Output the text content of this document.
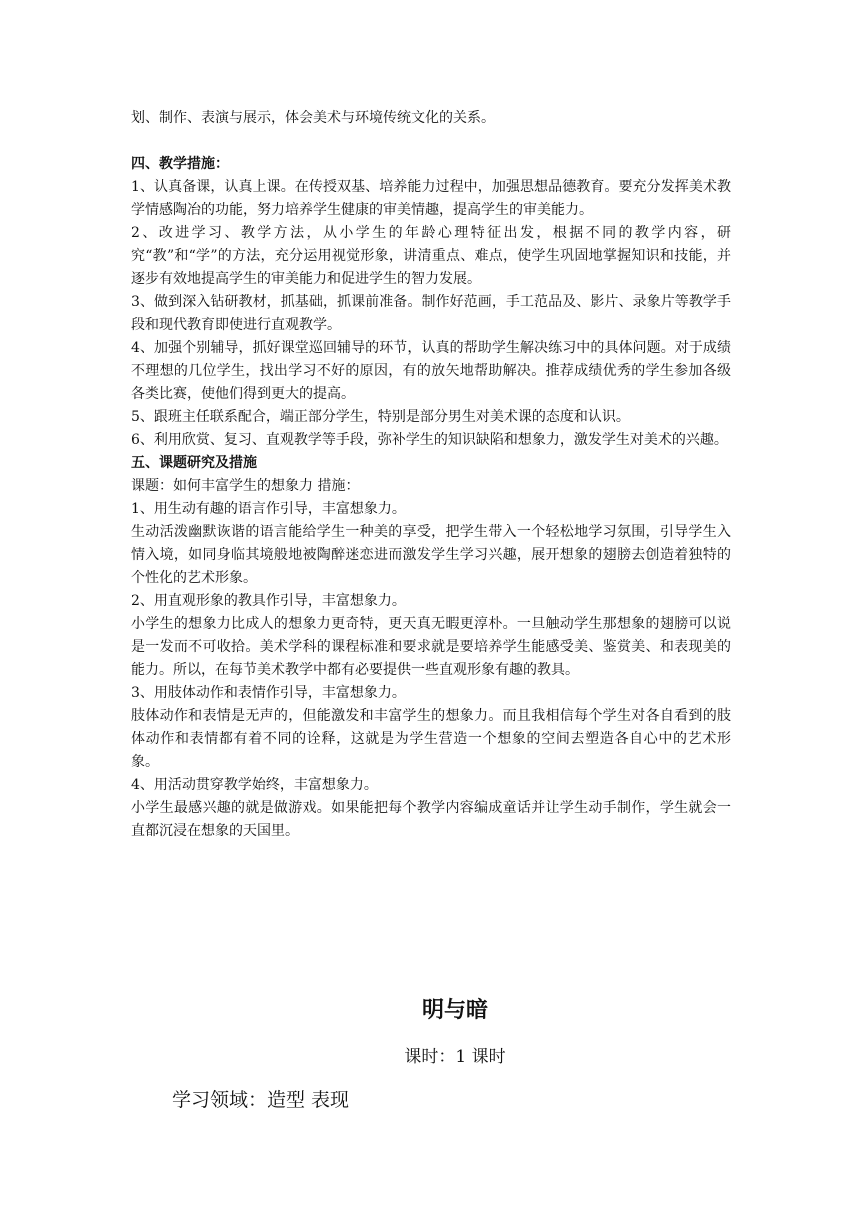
划、制作、表演与展示，体会美术与环境传统文化的关系。

四、教学措施：

1、认真备课，认真上课。在传授双基、培养能力过程中，加强思想品德教育。要充分发挥美术教学情感陶冶的功能，努力培养学生健康的审美情趣，提高学生的审美能力。

2、改进学习、教学方法，从小学生的年龄心理特征出发，根据不同的教学内容，研究“教”和“学”的方法，充分运用视觉形象，讲清重点、难点，使学生巩固地掌握知识和技能，并逐步有效地提高学生的审美能力和促进学生的智力发展。

3、做到深入钻研教材，抓基础，抓课前准备。制作好范画，手工范品及、影片、录象片等教学手段和现代教育即使进行直观教学。

4、加强个别辅导，抓好课堂巡回辅导的环节，认真的帮助学生解决练习中的具体问题。对于成绩不理想的几位学生，找出学习不好的原因，有的放矢地帮助解决。推荐成绩优秀的学生参加各级各类比赛，使他们得到更大的提高。

5、跟班主任联系配合，端正部分学生，特别是部分男生对美术课的态度和认识。

6、利用欣赏、复习、直观教学等手段，弥补学生的知识缺陷和想象力，激发学生对美术的兴趣。

五、课题研究及措施

课题：如何丰富学生的想象力 措施：

1、用生动有趣的语言作引导，丰富想象力。

生动活泼幽默诙谐的语言能给学生一种美的享受，把学生带入一个轻松地学习氛围，引导学生入情入境，如同身临其境般地被陶醉迷恋进而激发学生学习兴趣，展开想象的翅膀去创造着独特的个性化的艺术形象。

2、用直观形象的教具作引导，丰富想象力。

小学生的想象力比成人的想象力更奇特，更天真无暇更淳朴。一旦触动学生那想象的翅膀可以说是一发而不可收拾。美术学科的课程标准和要求就是要培养学生能感受美、鉴赏美、和表现美的能力。所以，在每节美术教学中都有必要提供一些直观形象有趣的教具。

3、用肢体动作和表情作引导，丰富想象力。

肢体动作和表情是无声的，但能激发和丰富学生的想象力。而且我相信每个学生对各自看到的肢体动作和表情都有着不同的诠释，这就是为学生营造一个想象的空间去塑造各自心中的艺术形象。

4、用活动贯穿教学始终，丰富想象力。

小学生最感兴趣的就是做游戏。如果能把每个教学内容编成童话并让学生动手制作，学生就会一直都沉浸在想象的天国里。

明与暗
课时：1 课时
学习领域：造型 表现
